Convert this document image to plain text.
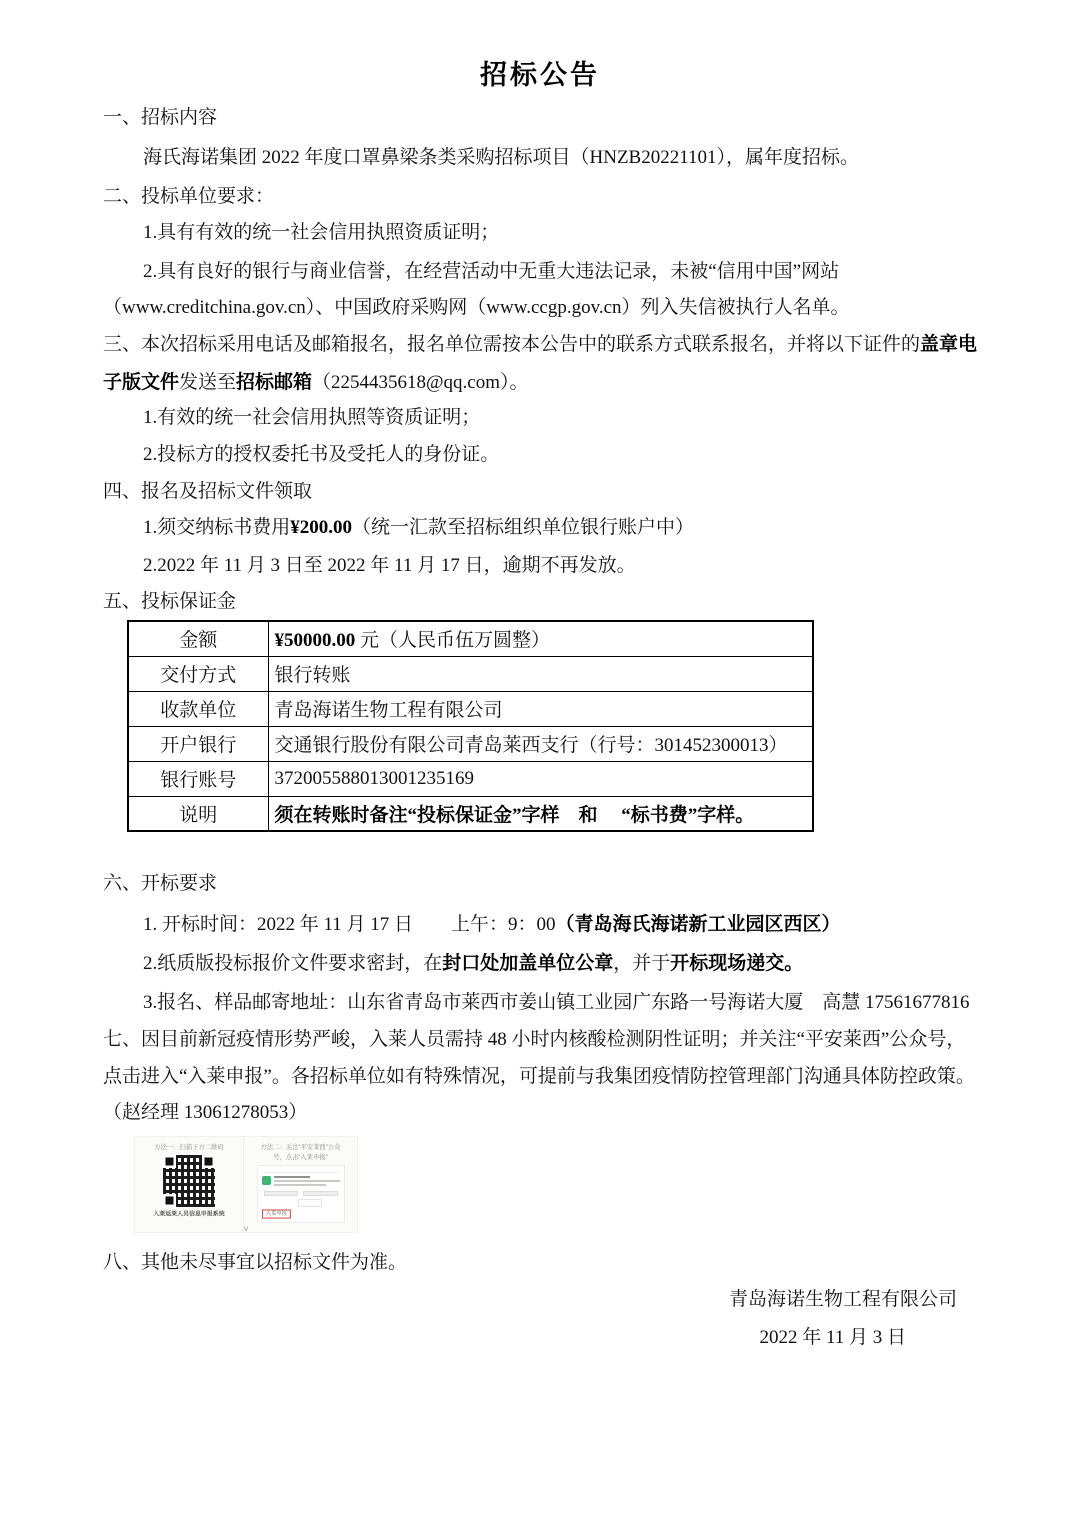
招标公告
一、招标内容
海氏海诺集团 2022 年度口罩鼻梁条类采购招标项目（HNZB20221101），属年度招标。
二、投标单位要求：
1.具有有效的统一社会信用执照资质证明；
2.具有良好的银行与商业信誉，在经营活动中无重大违法记录，未被“信用中国”网站
（www.creditchina.gov.cn）、中国政府采购网（www.ccgp.gov.cn）列入失信被执行人名单。
三、本次招标采用电话及邮箱报名，报名单位需按本公告中的联系方式联系报名，并将以下证件的盖章电
子版文件发送至招标邮箱（2254435618@qq.com）。
1.有效的统一社会信用执照等资质证明；
2.投标方的授权委托书及受托人的身份证。
四、报名及招标文件领取
1.须交纳标书费用¥200.00（统一汇款至招标组织单位银行账户中）
2.2022 年 11 月 3 日至 2022 年 11 月 17 日，逾期不再发放。
五、投标保证金
金额	¥50000.00 元（人民币伍万圆整）
交付方式	银行转账
收款单位	青岛海诺生物工程有限公司
开户银行	交通银行股份有限公司青岛莱西支行（行号：301452300013）
银行账号	372005588013001235169
说明	须在转账时备注“投标保证金”字样　和　 “标书费”字样。
六、开标要求
1. 开标时间：2022 年 11 月 17 日　　上午：9：00（青岛海氏海诺新工业园区西区）
2.纸质版投标报价文件要求密封，在封口处加盖单位公章，并于开标现场递交。
3.报名、样品邮寄地址：山东省青岛市莱西市姜山镇工业园广东路一号海诺大厦　高慧 17561677816
七、因目前新冠疫情形势严峻，入莱人员需持 48 小时内核酸检测阴性证明；并关注“平安莱西”公众号，
点击进入“入莱申报”。各招标单位如有特殊情况，可提前与我集团疫情防控管理部门沟通具体防控政策。
（赵经理 13061278053）
方法一：扫描下方二维码
入莱返莱人员信息申报系统
方法二：关注“平安莱西”公众
号，点击“入莱申报”
入莱申报
˅
八、其他未尽事宜以招标文件为准。
青岛海诺生物工程有限公司
2022 年 11 月 3 日
